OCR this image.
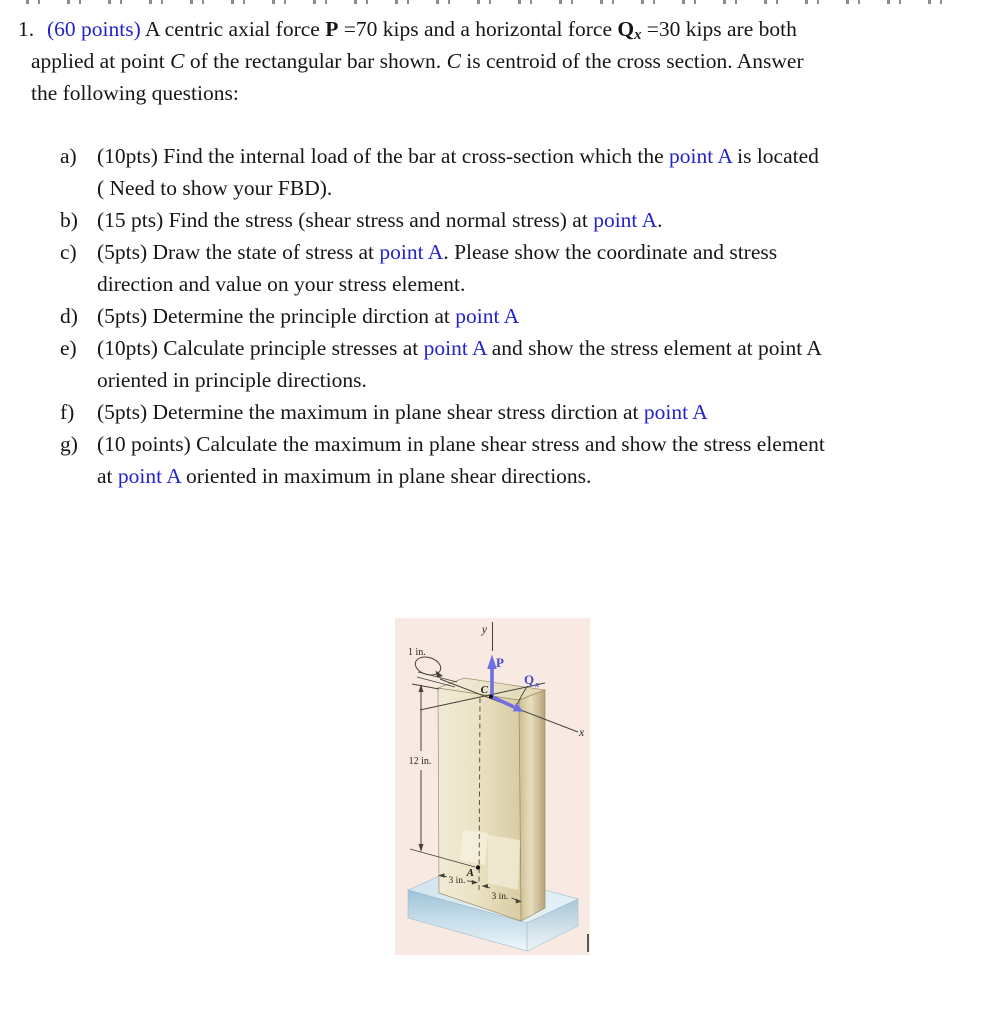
1. (60 points) A centric axial force P =70 kips and a horizontal force Qx =30 kips are both
applied at point C of the rectangular bar shown. C is centroid of the cross section. Answer
the following questions:
a) (10pts) Find the internal load of the bar at cross-section which the point A is located
( Need to show your FBD).
b) (15 pts) Find the stress (shear stress and normal stress) at point A.
c) (5pts) Draw the state of stress at point A. Please show the coordinate and stress
direction and value on your stress element.
d) (5pts) Determine the principle dirction at point A
e) (10pts) Calculate principle stresses at point A and show the stress element at point A
oriented in principle directions.
f) (5pts) Determine the maximum in plane shear stress dirction at point A
g) (10 points) Calculate the maximum in plane shear stress and show the stress element
at point A oriented in maximum in plane shear directions.
y
x
1 in.
12 in.
P
Q x
C
A
3 in.
3 in.
